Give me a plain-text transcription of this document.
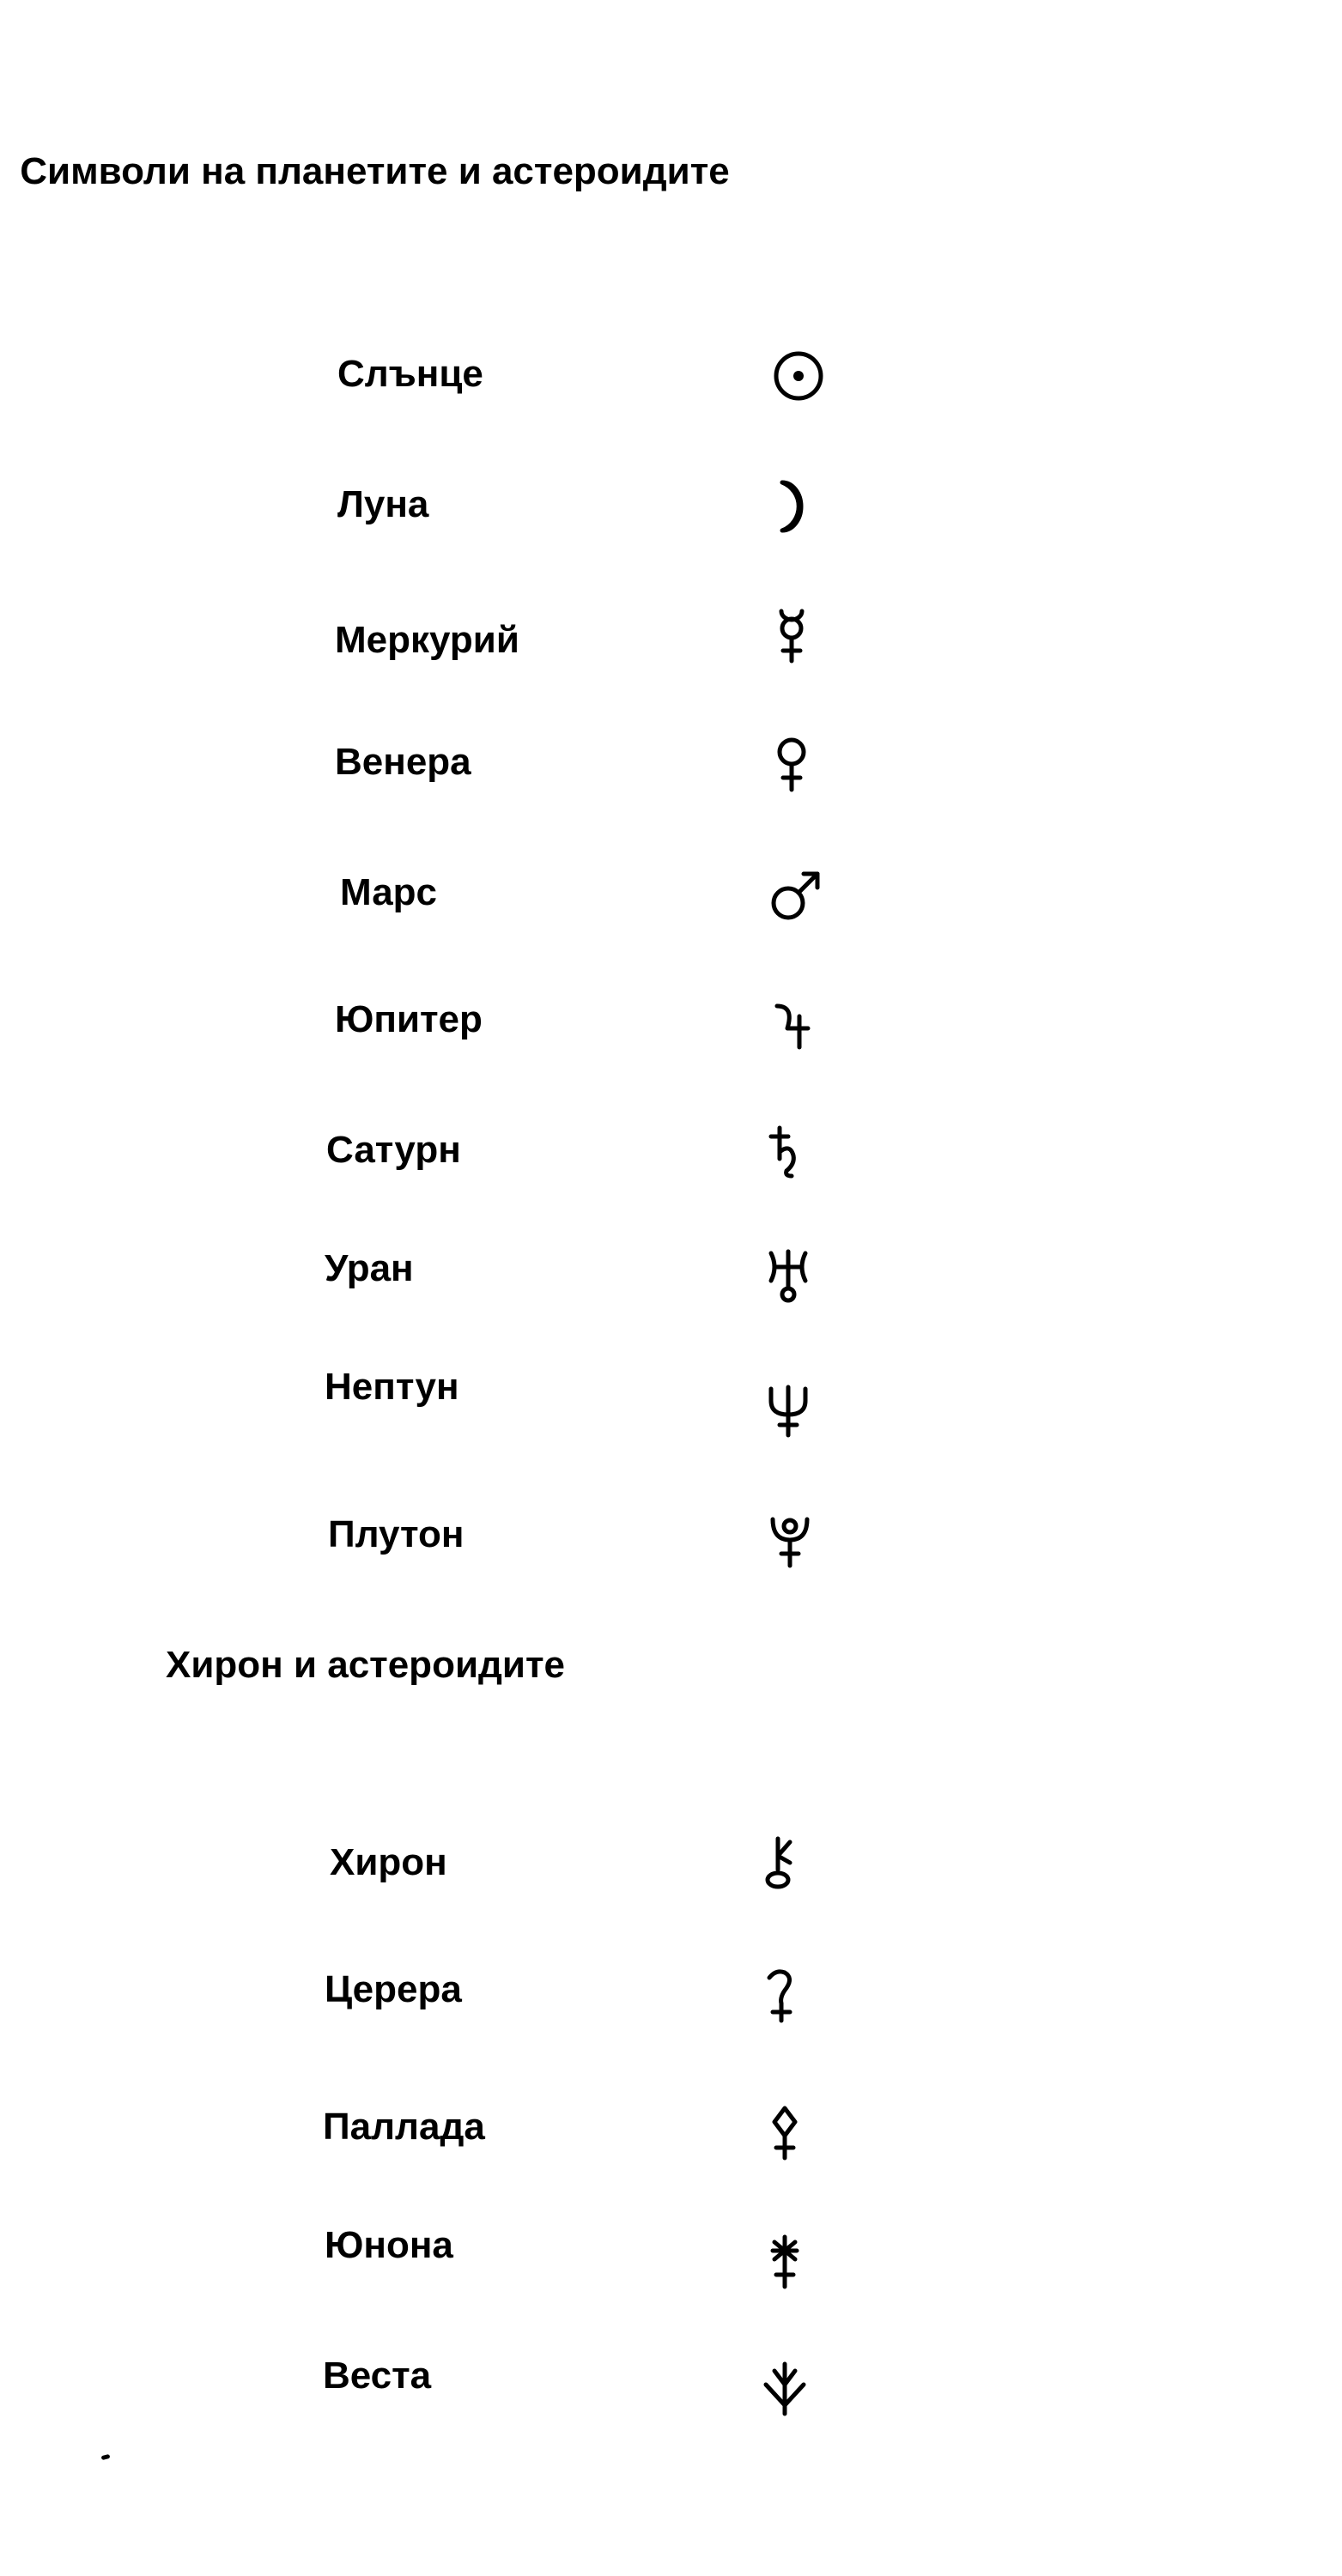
Символи на планетите и астероидите

Слънце

Луна

Меркурий

Венера

Марс

Юпитер

Сатурн

Уран

Нептун

Плутон

Хирон и астероидите

Хирон

Церера

Паллада

Юнона

Веста
